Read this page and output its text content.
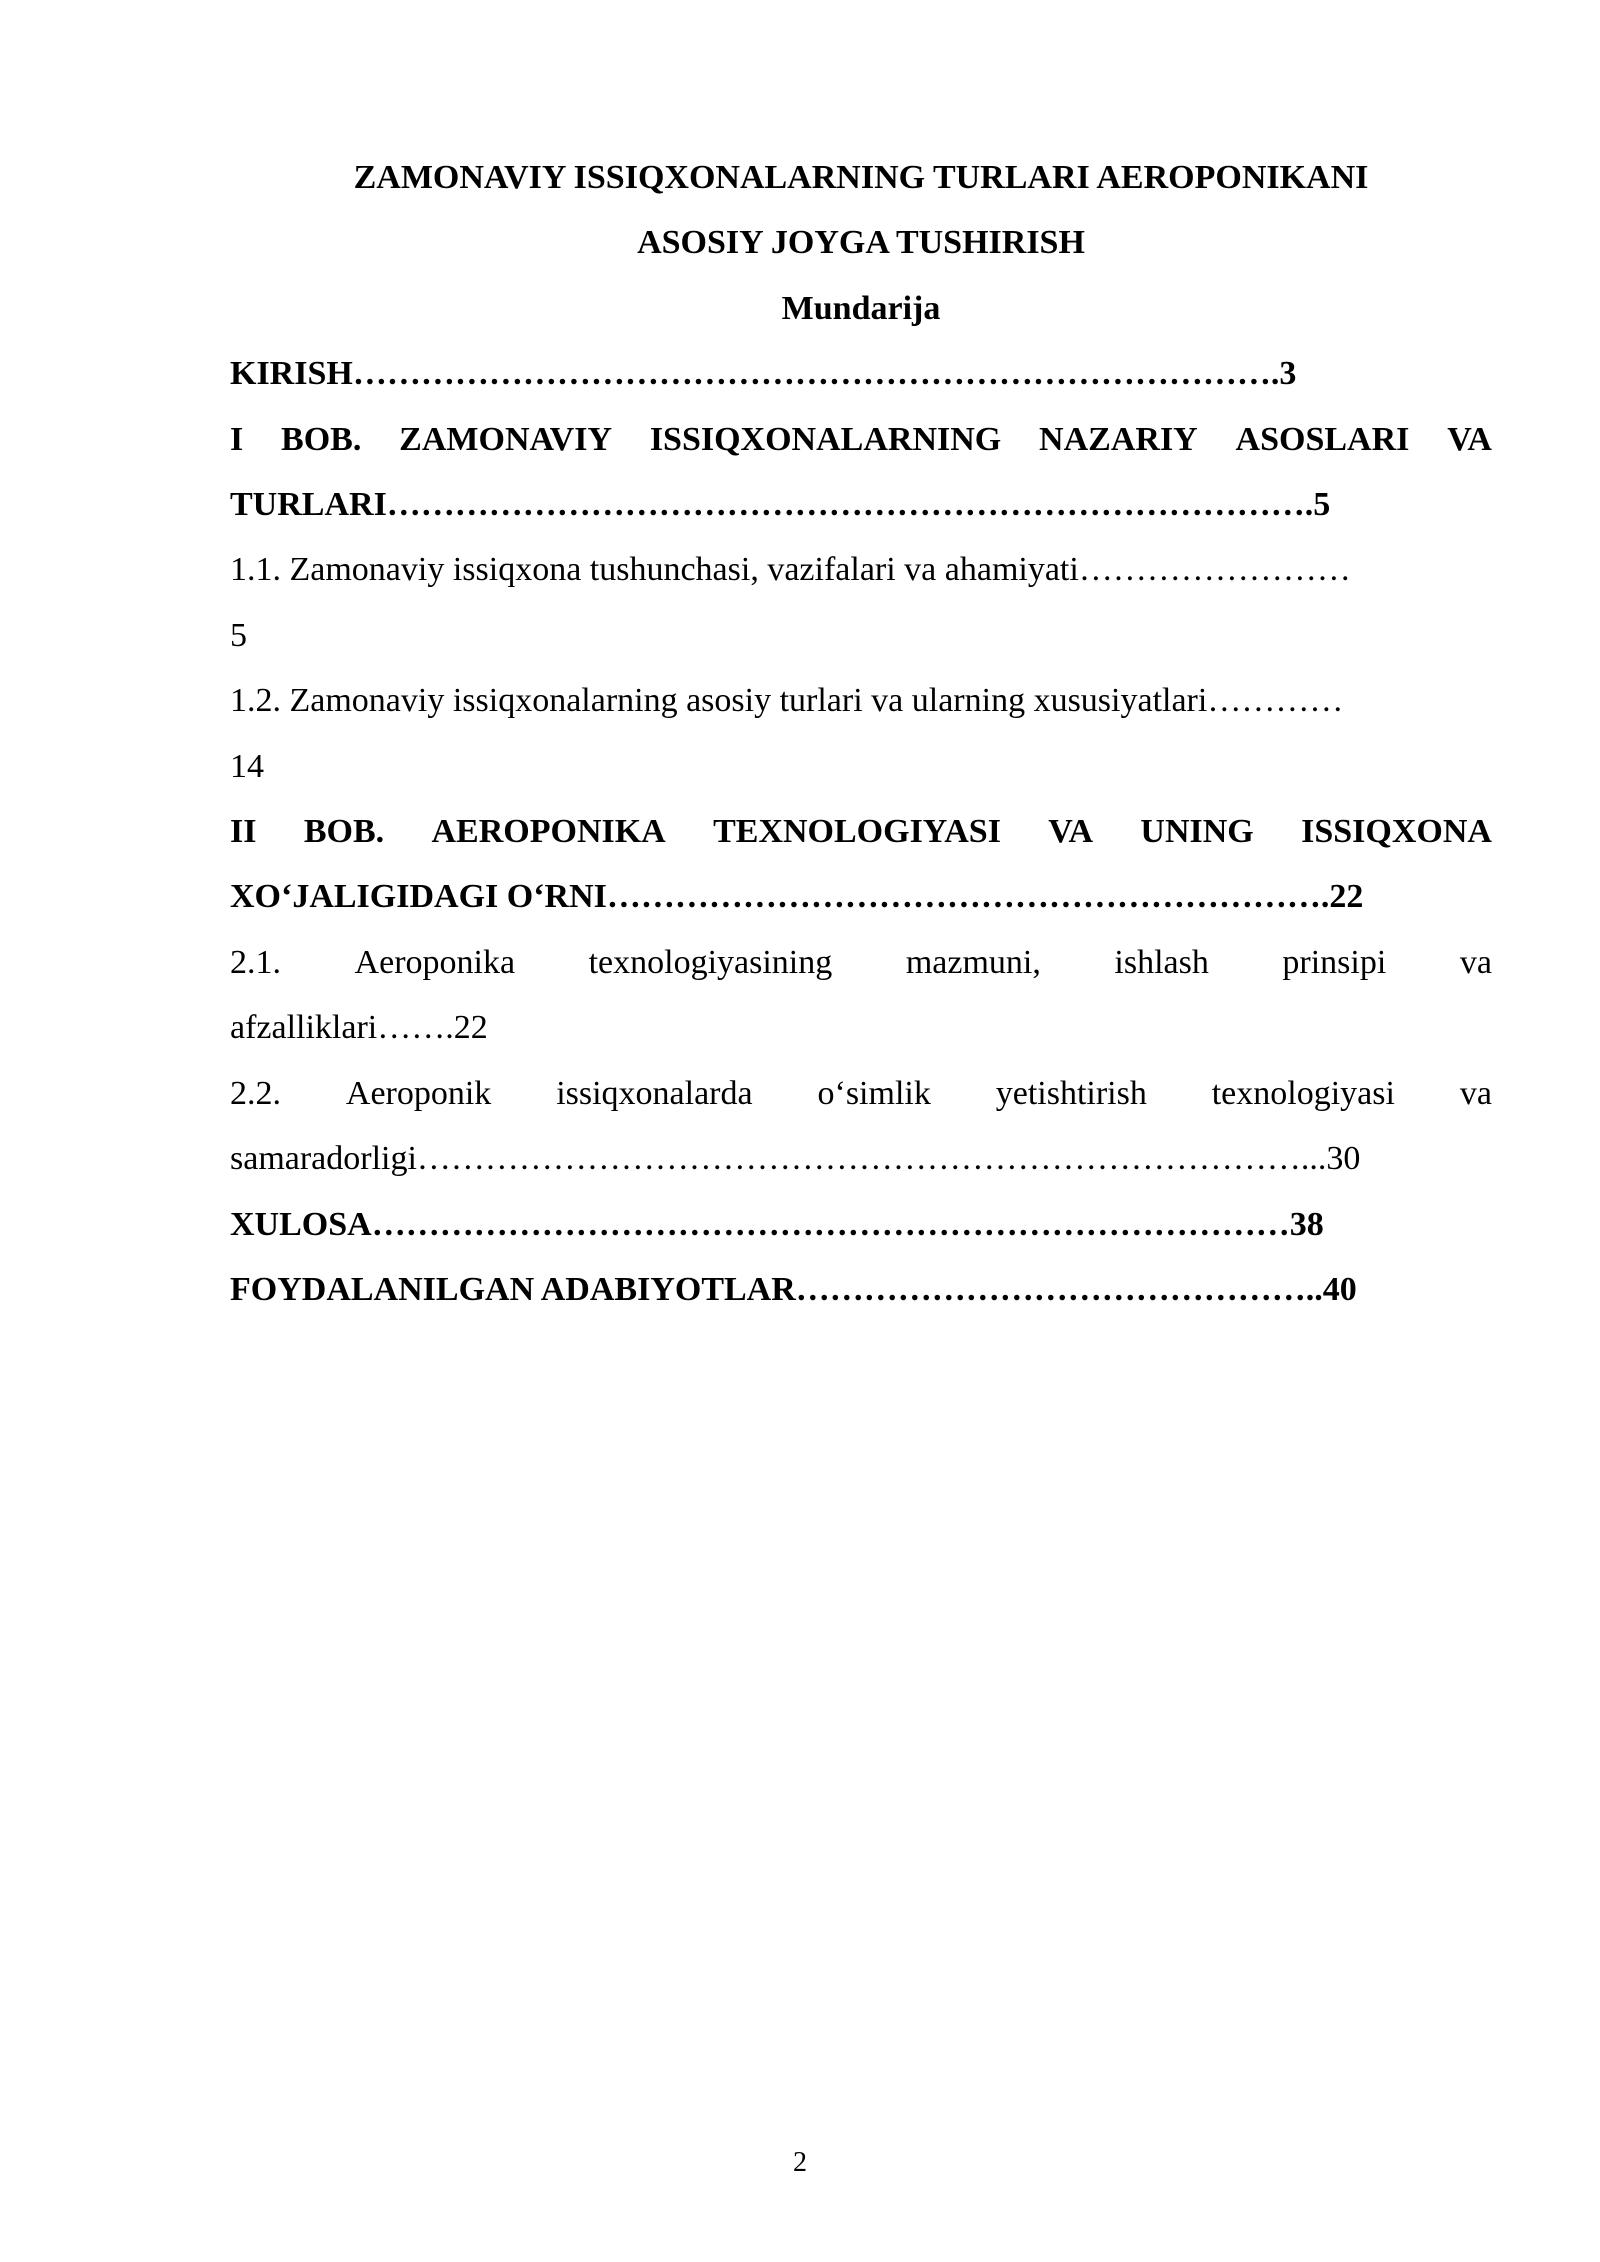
ZAMONAVIY ISSIQXONALARNING TURLARI AEROPONIKANI

ASOSIY JOYGA TUSHIRISH

Mundarija

KIRISH……………………………………………………………………….3

I BOB. ZAMONAVIY ISSIQXONALARNING NAZARIY ASOSLARI VA

TURLARI……………………………………………………………………….5

1.1. Zamonaviy issiqxona tushunchasi, vazifalari va ahamiyati……………………

5

1.2. Zamonaviy issiqxonalarning asosiy turlari va ularning xususiyatlari…………

14

II BOB. AEROPONIKA TEXNOLOGIYASI VA UNING ISSIQXONA

XO‘JALIGIDAGI O‘RNI……………………………………………………….22

2.1. Aeroponika texnologiyasining mazmuni, ishlash prinsipi va

afzalliklari…….22

2.2. Aeroponik issiqxonalarda o‘simlik yetishtirish texnologiyasi va

samaradorligi……………………………………………………………………...30

XULOSA………………………………………………………………………38

FOYDALANILGAN ADABIYOTLAR………………………………………..40

2
